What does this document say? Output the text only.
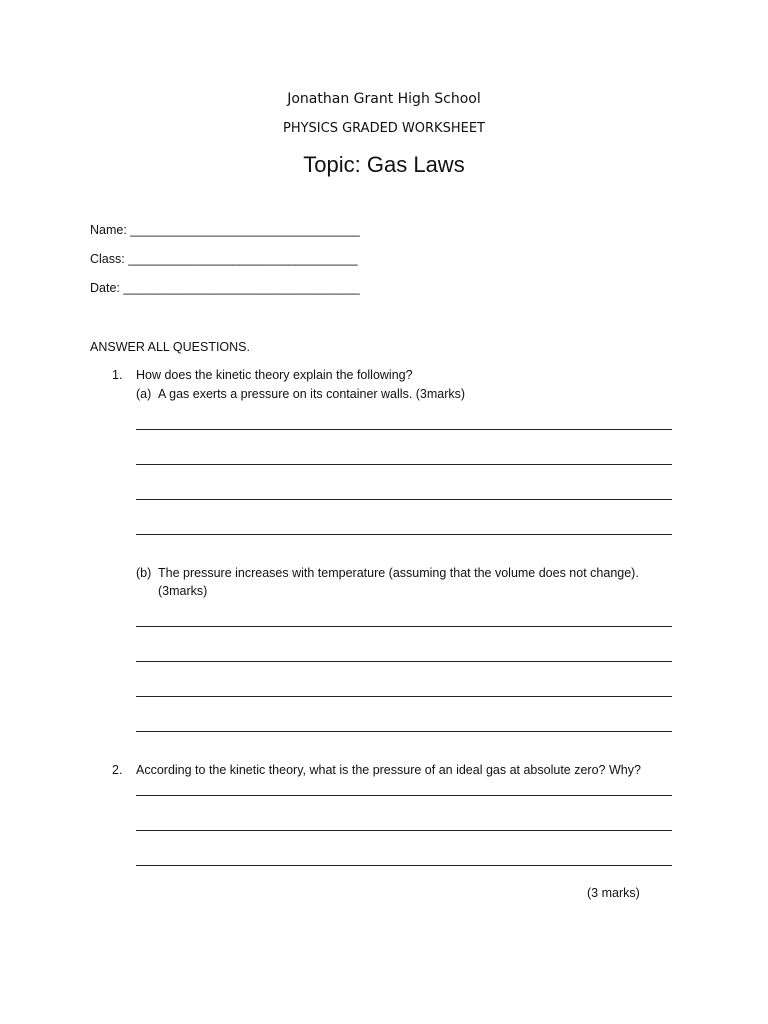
Jonathan Grant High School
PHYSICS GRADED WORKSHEET
Topic: Gas Laws
Name: _________________________________
Class: _________________________________
Date: __________________________________
ANSWER ALL QUESTIONS.
1. How does the kinetic theory explain the following?
(a) A gas exerts a pressure on its container walls. (3marks)
(b) The pressure increases with temperature (assuming that the volume does not change).
(3marks)
2. According to the kinetic theory, what is the pressure of an ideal gas at absolute zero? Why?
(3 marks)
